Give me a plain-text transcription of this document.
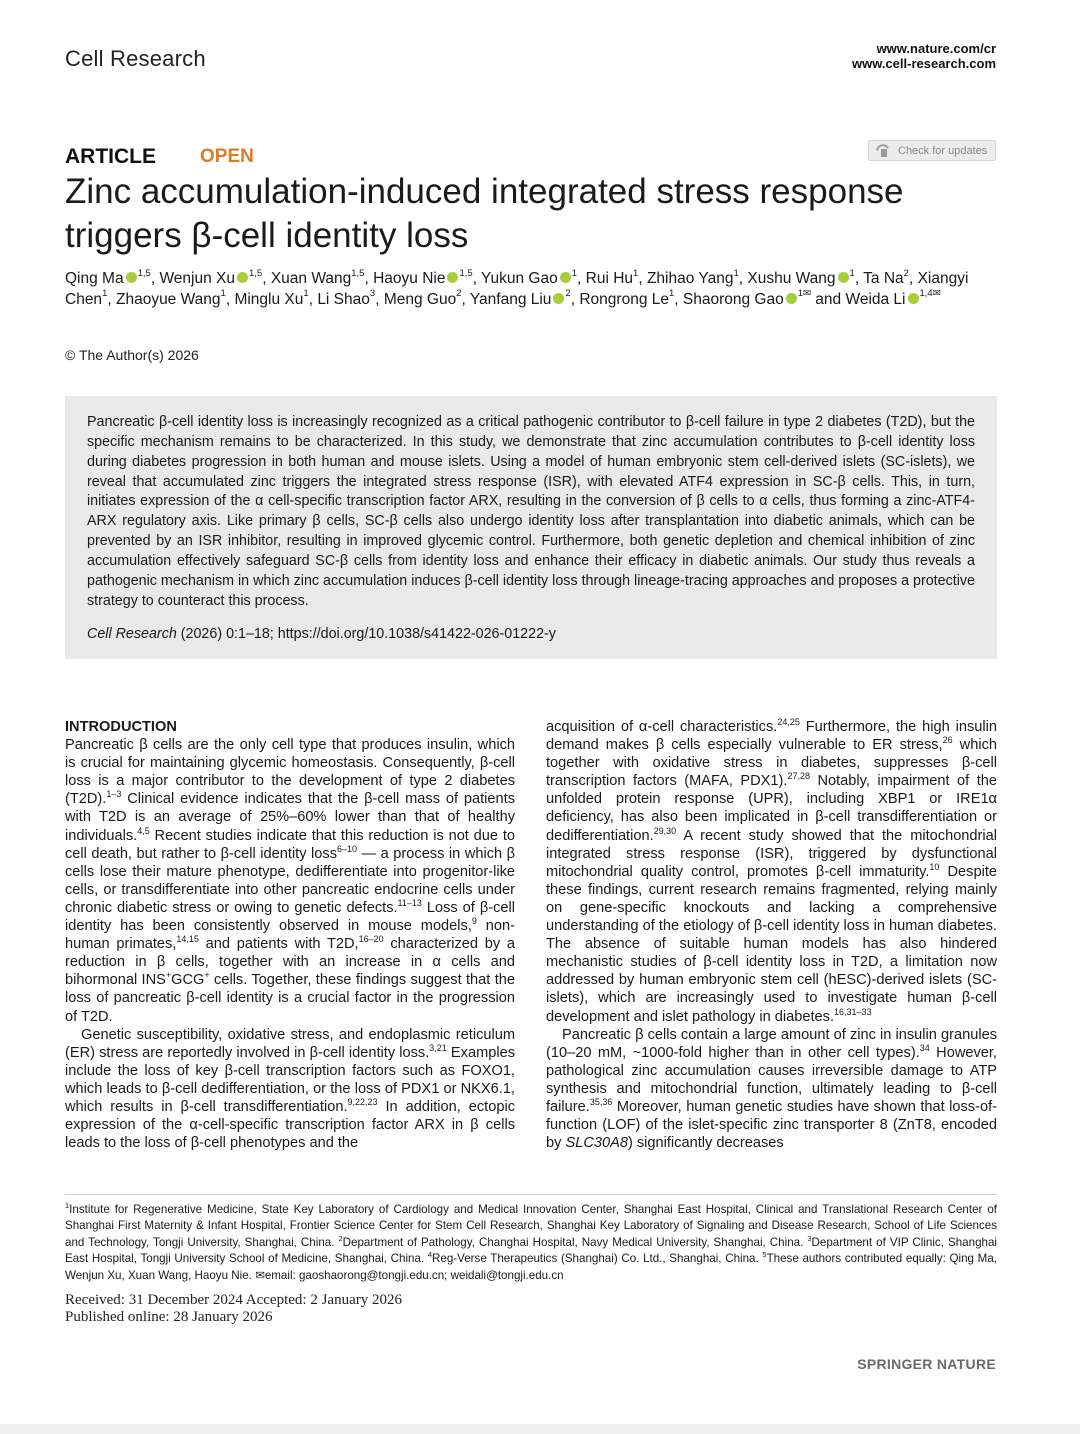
Cell Research	www.nature.com/cr
www.cell-research.com
ARTICLE OPEN	Check for updates
Zinc accumulation-induced integrated stress response triggers β-cell identity loss
Qing Ma $^{1,5}$, Wenjun Xu $^{1,5}$, Xuan Wang$^{1,5}$, Haoyu Nie $^{1,5}$, Yukun Gao $^1$, Rui Hu$^1$, Zhihao Yang$^1$, Xushu Wang $^1$, Ta Na$^2$, Xiangyi Chen$^1$, Zhaoyue Wang$^1$, Minglu Xu$^1$, Li Shao$^3$, Meng Guo$^2$, Yanfang Liu $^2$, Rongrong Le$^1$, Shaorong Gao $^{1✉}$ and Weida Li $^{1,4✉}$
© The Author(s) 2026
Pancreatic β-cell identity loss is increasingly recognized as a critical pathogenic contributor to β-cell failure in type 2 diabetes (T2D), but the specific mechanism remains to be characterized. In this study, we demonstrate that zinc accumulation contributes to β-cell identity loss during diabetes progression in both human and mouse islets. Using a model of human embryonic stem cell-derived islets (SC-islets), we reveal that accumulated zinc triggers the integrated stress response (ISR), with elevated ATF4 expression in SC-β cells. This, in turn, initiates expression of the α cell-specific transcription factor ARX, resulting in the conversion of β cells to α cells, thus forming a zinc-ATF4-ARX regulatory axis. Like primary β cells, SC-β cells also undergo identity loss after transplantation into diabetic animals, which can be prevented by an ISR inhibitor, resulting in improved glycemic control. Furthermore, both genetic depletion and chemical inhibition of zinc accumulation effectively safeguard SC-β cells from identity loss and enhance their efficacy in diabetic animals. Our study thus reveals a pathogenic mechanism in which zinc accumulation induces β-cell identity loss through lineage-tracing approaches and proposes a protective strategy to counteract this process.
Cell Research (2026) 0:1–18; https://doi.org/10.1038/s41422-026-01222-y
INTRODUCTION

Pancreatic β cells are the only cell type that produces insulin, which is crucial for maintaining glycemic homeostasis. Consequently, β-cell loss is a major contributor to the development of type 2 diabetes (T2D).$^{1-3}$ Clinical evidence indicates that the β-cell mass of patients with T2D is an average of 25%–60% lower than that of healthy individuals.$^{4,5}$ Recent studies indicate that this reduction is not due to cell death, but rather to β-cell identity loss$^{6-10}$ — a process in which β cells lose their mature phenotype, dedifferentiate into progenitor-like cells, or transdifferentiate into other pancreatic endocrine cells under chronic diabetic stress or owing to genetic defects.$^{11-13}$ Loss of β-cell identity has been consistently observed in mouse models,$^9$ non-human primates,$^{14,15}$ and patients with T2D,$^{16-20}$ characterized by a reduction in β cells, together with an increase in α cells and bihormonal INS+GCG+ cells. Together, these findings suggest that the loss of pancreatic β-cell identity is a crucial factor in the progression of T2D.

Genetic susceptibility, oxidative stress, and endoplasmic reticulum (ER) stress are reportedly involved in β-cell identity loss.$^{3,21}$ Examples include the loss of key β-cell transcription factors such as FOXO1, which leads to β-cell dedifferentiation, or the loss of PDX1 or NKX6.1, which results in β-cell transdifferentiation.$^{9,22,23}$ In addition, ectopic expression of the α-cell-specific transcription factor ARX in β cells leads to the loss of β-cell phenotypes and the

acquisition of α-cell characteristics.$^{24,25}$ Furthermore, the high insulin demand makes β cells especially vulnerable to ER stress,$^{26}$ which together with oxidative stress in diabetes, suppresses β-cell transcription factors (MAFA, PDX1).$^{27,28}$ Notably, impairment of the unfolded protein response (UPR), including XBP1 or IRE1α deficiency, has also been implicated in β-cell transdifferentiation or dedifferentiation.$^{29,30}$ A recent study showed that the mitochondrial integrated stress response (ISR), triggered by dysfunctional mitochondrial quality control, promotes β-cell immaturity.$^{10}$ Despite these findings, current research remains fragmented, relying mainly on gene-specific knockouts and lacking a comprehensive understanding of the etiology of β-cell identity loss in human diabetes. The absence of suitable human models has also hindered mechanistic studies of β-cell identity loss in T2D, a limitation now addressed by human embryonic stem cell (hESC)-derived islets (SC-islets), which are increasingly used to investigate human β-cell development and islet pathology in diabetes.$^{16,31-33}$

Pancreatic β cells contain a large amount of zinc in insulin granules (10–20 mM, ~1000-fold higher than in other cell types).$^{34}$ However, pathological zinc accumulation causes irreversible damage to ATP synthesis and mitochondrial function, ultimately leading to β-cell failure.$^{35,36}$ Moreover, human genetic studies have shown that loss-of-function (LOF) of the islet-specific zinc transporter 8 (ZnT8, encoded by SLC30A8) significantly decreases

$^1$Institute for Regenerative Medicine, State Key Laboratory of Cardiology and Medical Innovation Center, Shanghai East Hospital, Clinical and Translational Research Center of Shanghai First Maternity & Infant Hospital, Frontier Science Center for Stem Cell Research, Shanghai Key Laboratory of Signaling and Disease Research, School of Life Sciences and Technology, Tongji University, Shanghai, China. $^2$Department of Pathology, Changhai Hospital, Navy Medical University, Shanghai, China. $^3$Department of VIP Clinic, Shanghai East Hospital, Tongji University School of Medicine, Shanghai, China. $^4$Reg-Verse Therapeutics (Shanghai) Co. Ltd., Shanghai, China. $^5$These authors contributed equally: Qing Ma, Wenjun Xu, Xuan Wang, Haoyu Nie. ✉email: gaoshaorong@tongji.edu.cn; weidali@tongji.edu.cn
Received: 31 December 2024 Accepted: 2 January 2026
Published online: 28 January 2026
SPRINGER NATURE
